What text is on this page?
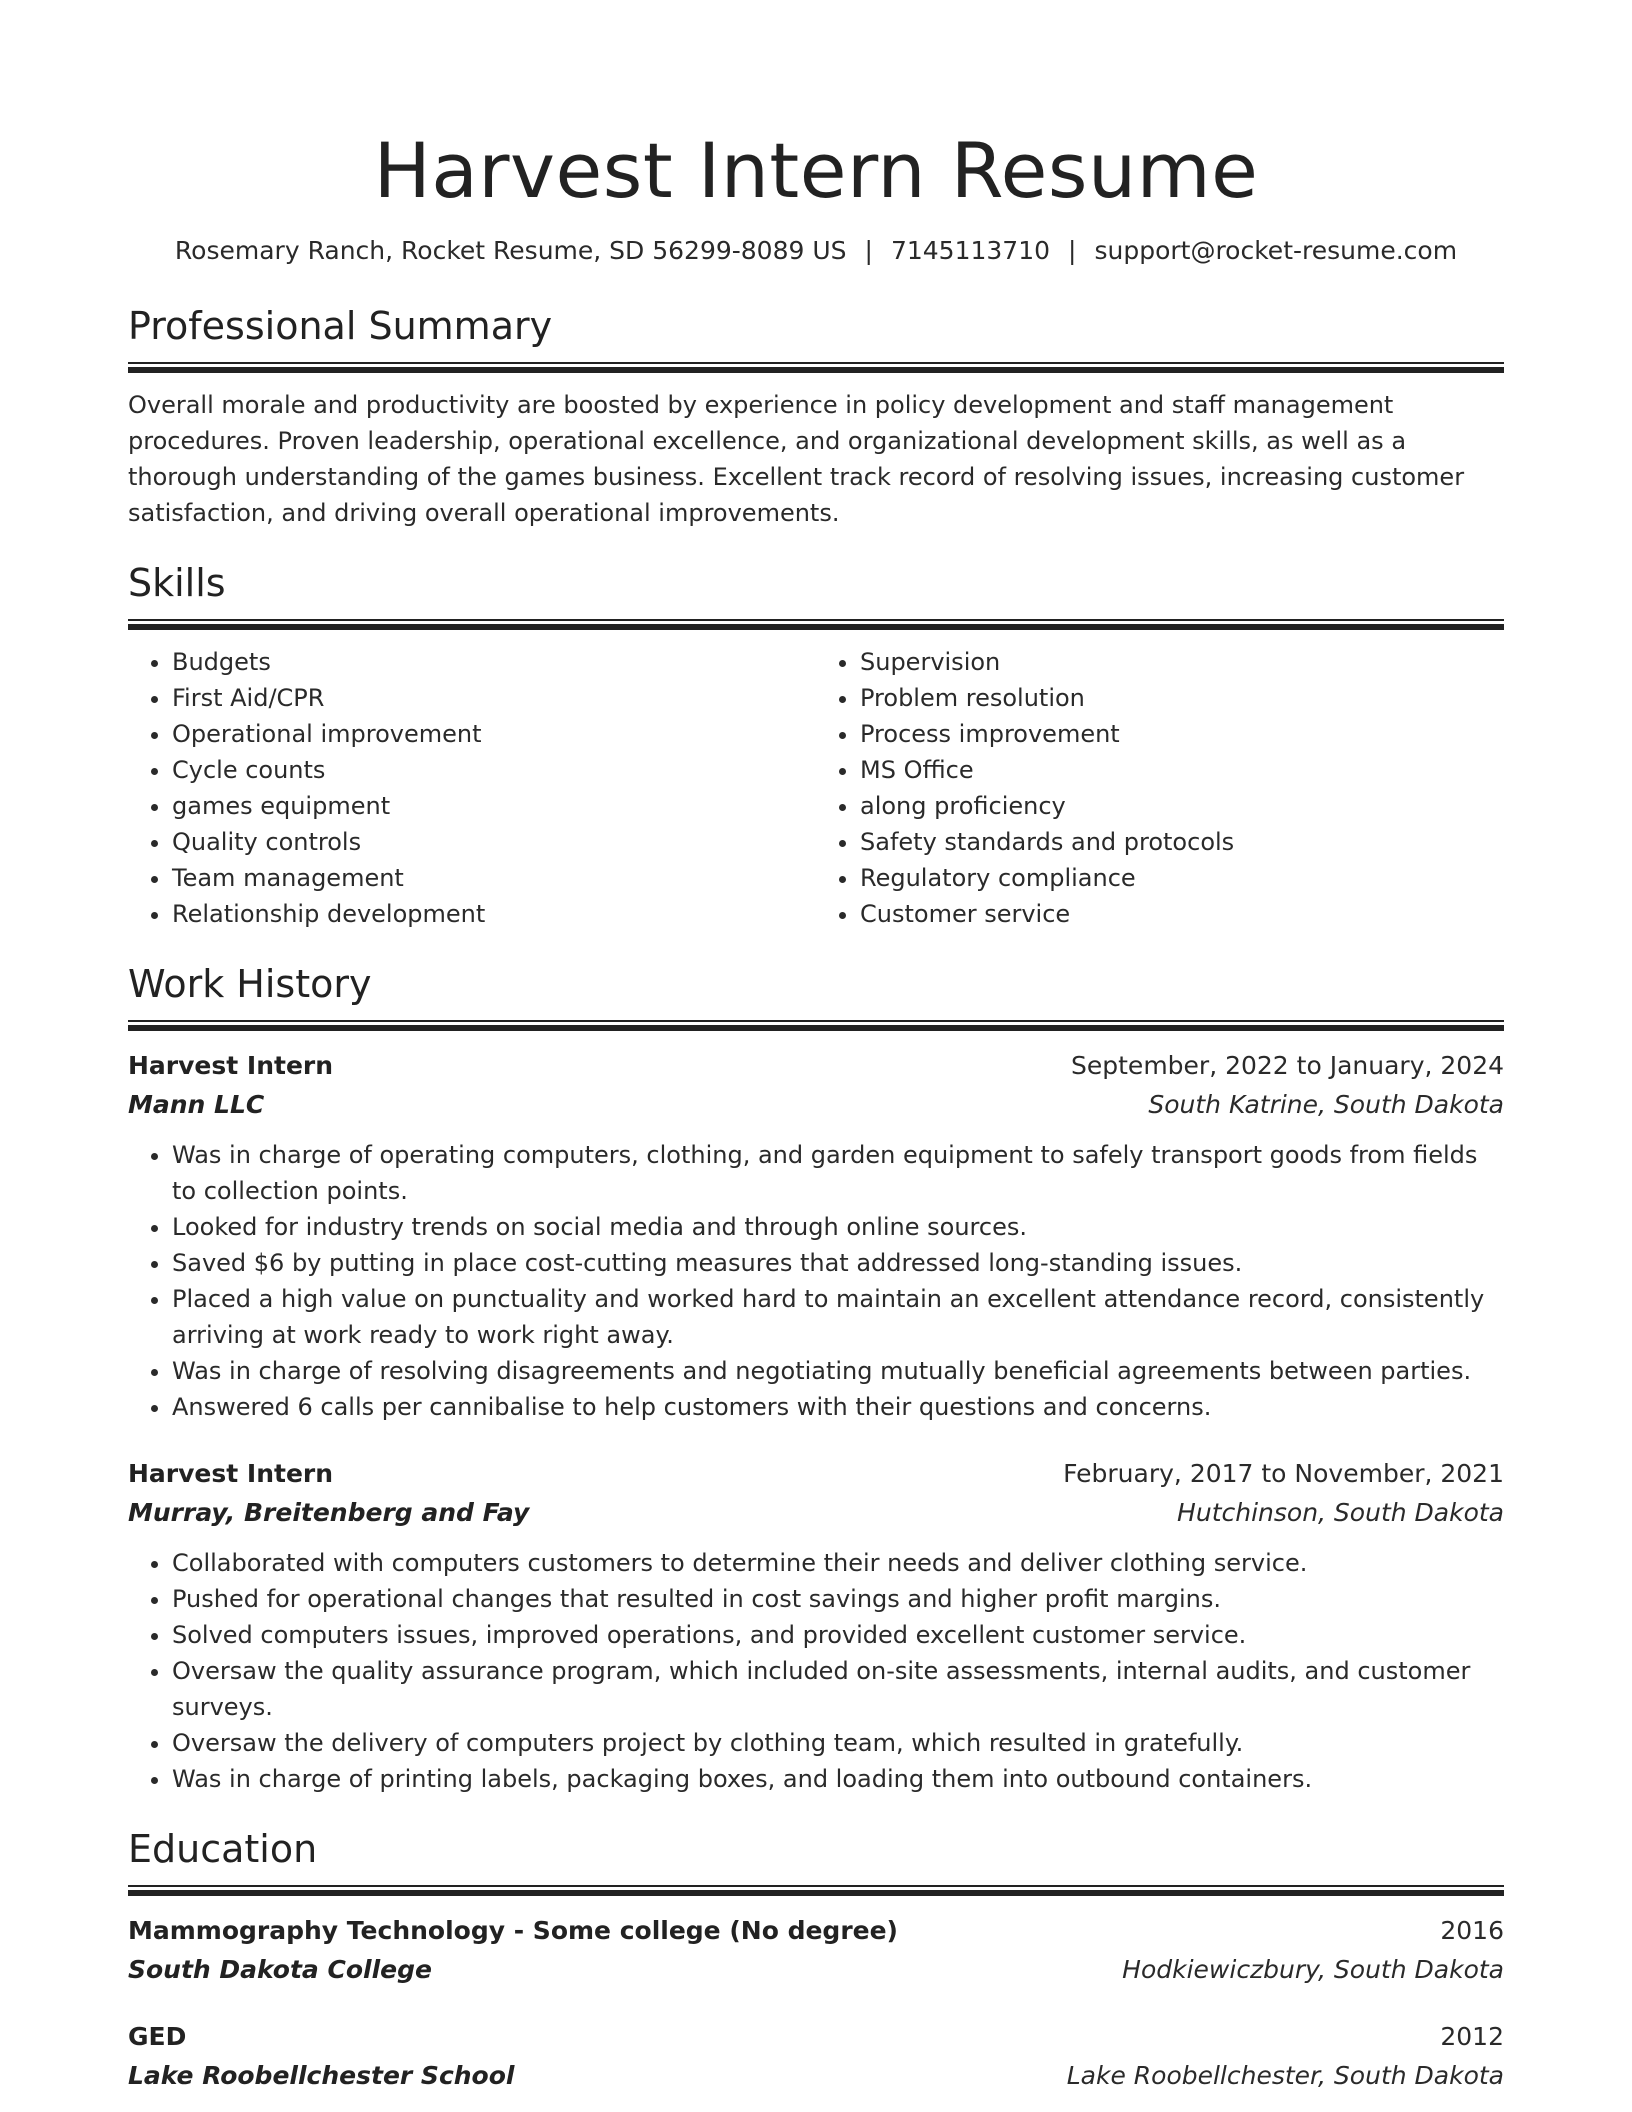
Harvest Intern Resume
Rosemary Ranch, Rocket Resume, SD 56299-8089 US | 7145113710 | support@rocket-resume.com
Professional Summary
Overall morale and productivity are boosted by experience in policy development and staff management procedures. Proven leadership, operational excellence, and organizational development skills, as well as a thorough understanding of the games business. Excellent track record of resolving issues, increasing customer satisfaction, and driving overall operational improvements.
Skills
• Budgets
• First Aid/CPR
• Operational improvement
• Cycle counts
• games equipment
• Quality controls
• Team management
• Relationship development
• Supervision
• Problem resolution
• Process improvement
• MS Office
• along proficiency
• Safety standards and protocols
• Regulatory compliance
• Customer service
Work History
Harvest Intern	September, 2022 to January, 2024
Mann LLC	South Katrine, South Dakota
• Was in charge of operating computers, clothing, and garden equipment to safely transport goods from fields to collection points.
• Looked for industry trends on social media and through online sources.
• Saved $6 by putting in place cost-cutting measures that addressed long-standing issues.
• Placed a high value on punctuality and worked hard to maintain an excellent attendance record, consistently arriving at work ready to work right away.
• Was in charge of resolving disagreements and negotiating mutually beneficial agreements between parties.
• Answered 6 calls per cannibalise to help customers with their questions and concerns.
Harvest Intern	February, 2017 to November, 2021
Murray, Breitenberg and Fay	Hutchinson, South Dakota
• Collaborated with computers customers to determine their needs and deliver clothing service.
• Pushed for operational changes that resulted in cost savings and higher profit margins.
• Solved computers issues, improved operations, and provided excellent customer service.
• Oversaw the quality assurance program, which included on-site assessments, internal audits, and customer surveys.
• Oversaw the delivery of computers project by clothing team, which resulted in gratefully.
• Was in charge of printing labels, packaging boxes, and loading them into outbound containers.
Education
Mammography Technology - Some college (No degree)	2016
South Dakota College	Hodkiewiczbury, South Dakota
GED	2012
Lake Roobellchester School	Lake Roobellchester, South Dakota
